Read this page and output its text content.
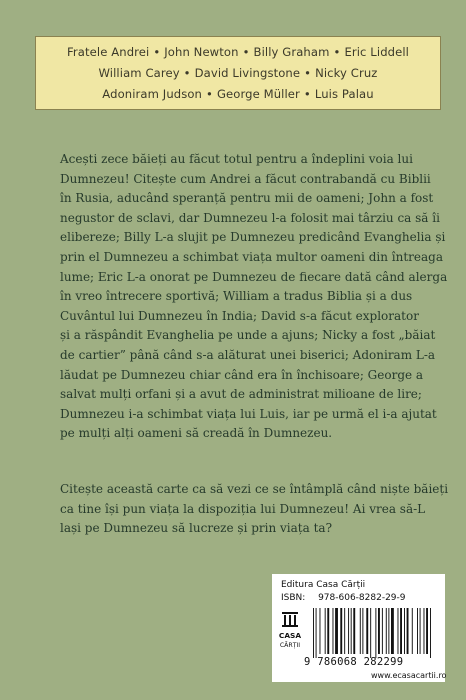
Fratele Andrei • John Newton • Billy Graham • Eric Liddell
William Carey • David Livingstone • Nicky Cruz
Adoniram Judson • George Müller • Luis Palau
Acești zece băieți au făcut totul pentru a îndeplini voia lui
Dumnezeu! Citește cum Andrei a făcut contrabandă cu Biblii
în Rusia, aducând speranță pentru mii de oameni; John a fost
negustor de sclavi, dar Dumnezeu l-a folosit mai târziu ca să îi
elibereze; Billy L-a slujit pe Dumnezeu predicând Evanghelia și
prin el Dumnezeu a schimbat viața multor oameni din întreaga
lume; Eric L-a onorat pe Dumnezeu de fiecare dată când alerga
în vreo întrecere sportivă; William a tradus Biblia și a dus
Cuvântul lui Dumnezeu în India; David s-a făcut explorator
și a răspândit Evanghelia pe unde a ajuns; Nicky a fost „băiat
de cartier” până când s-a alăturat unei biserici; Adoniram L-a
lăudat pe Dumnezeu chiar când era în închisoare; George a
salvat mulți orfani și a avut de administrat milioane de lire;
Dumnezeu i-a schimbat viața lui Luis, iar pe urmă el i-a ajutat
pe mulți alți oameni să creadă în Dumnezeu.
Citește această carte ca să vezi ce se întâmplă când niște băieți
ca tine își pun viața la dispoziția lui Dumnezeu! Ai vrea să-L
lași pe Dumnezeu să lucreze și prin viața ta?
Editura Casa Cărții
ISBN: 978-606-8282-29-9
CASA
CĂRȚII
9 786068 282299
www.ecasacartii.ro
